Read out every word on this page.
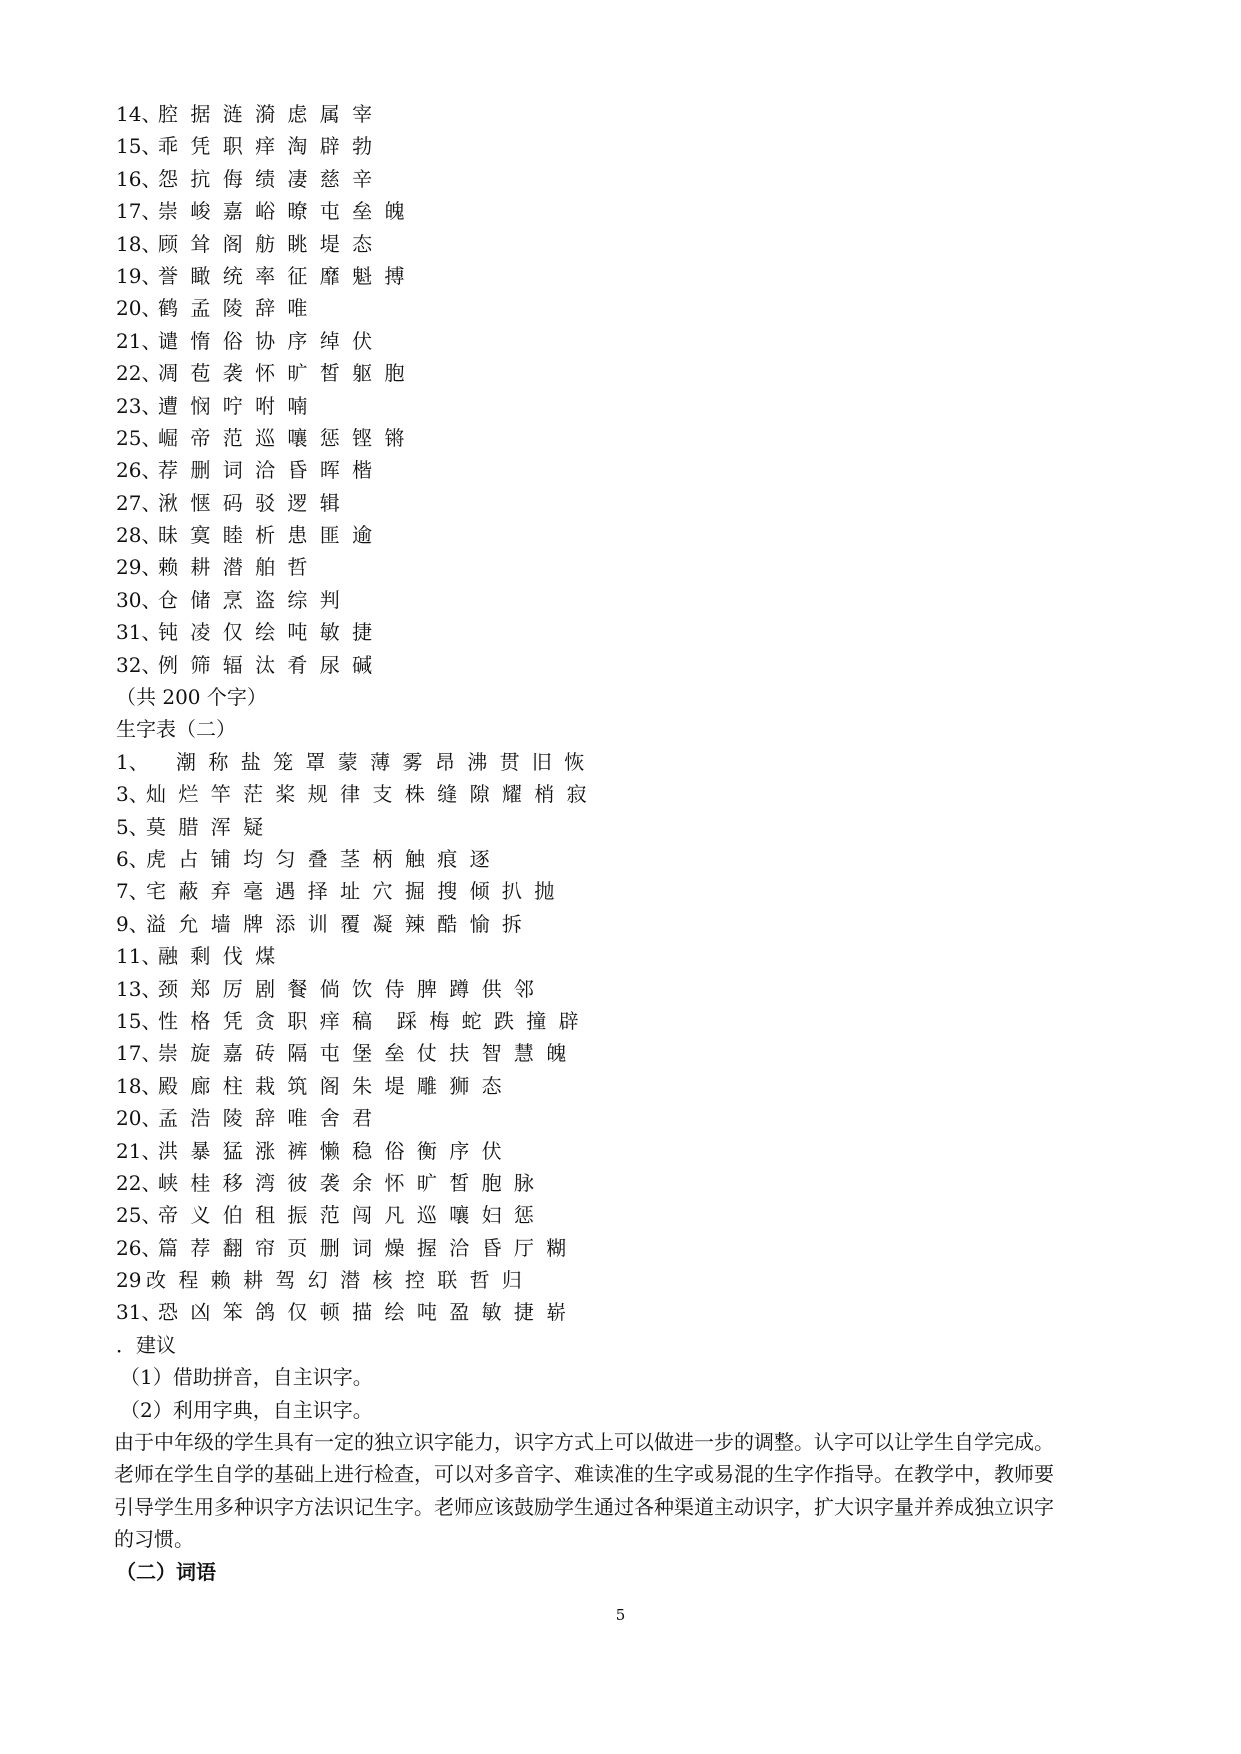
14、
腔 据 涟 漪 虑 属 宰
15、
乖 凭 职 痒 淘 辟 勃
16、
怨 抗 侮 绩 凄 慈 辛
17、
崇 峻 嘉 峪 暸 屯 垒 魄
18、
顾 耸 阁 舫 眺 堤 态
19、
誉 瞰 统 率 征 靡 魁 搏
20、
鹤 孟 陵 辞 唯
21、
谴 惰 俗 协 序 绰 伏
22、
凋 苞 袭 怀 旷 皙 躯 胞
23、
遭 悯 咛 咐 喃
25、
崛 帝 范 巡 嚷 惩 铿 锵
26、
荐 删 词 洽 昏 晖 楷
27、
湫 惬 码 驳 逻 辑
28、
昧 寞 睦 析 患 匪 逾
29、
赖 耕 潜 舶 哲
30、
仓 储 烹 盗 综 判
31、
钝 凌 仅 绘 吨 敏 捷
32、
例 筛 辐 汰 肴 尿 碱
（共 200 个字）
生字表（二）
1、 潮 称 盐 笼 罩 蒙 薄 雾 昂 沸 贯 旧 恢
3、
灿 烂 竿 茫 桨 规 律 支 株 缝 隙 耀 梢 寂
5、
莫 腊 浑 疑
6、
虎 占 铺 均 匀 叠 茎 柄 触 痕 逐
7、
宅 蔽 弃 毫 遇 择 址 穴 掘 搜 倾 扒 抛
9、
溢 允 墙 牌 添 训 覆 凝 辣 酷 愉 拆
11、
融 剩 伐 煤
13、
颈 郑 厉 剧 餐 倘 饮 侍 脾 蹲 供 邻
15、
性 格 凭 贪 职 痒 稿  踩 梅 蛇 跌 撞 辟
17、
崇 旋 嘉 砖 隔 屯 堡 垒 仗 扶 智 慧 魄
18、
殿 廊 柱 栽 筑 阁 朱 堤 雕 狮 态
20、
孟 浩 陵 辞 唯 舍 君
21、
洪 暴 猛 涨 裤 懒 稳 俗 衡 序 伏
22、
峡 桂 移 湾 彼 袭 余 怀 旷 皙 胞 脉
25、
帝 义 伯 租 振 范 闯 凡 巡 嚷 妇 惩
26、
篇 荐 翻 帘 页 删 词 燥 握 洽 昏 厅 糊
29 改 程 赖 耕 驾 幻 潜 核 控 联 哲 归
31、
恐 凶 笨 鸽 仅 顿 描 绘 吨 盈 敏 捷 崭
．建议
（1）借助拼音，自主识字。
（2）利用字典，自主识字。
由于中年级的学生具有一定的独立识字能力，识字方式上可以做进一步的调整。认字可以让学生自学完成。
老师在学生自学的基础上进行检查，可以对多音字、难读准的生字或易混的生字作指导。在教学中，教师要
引导学生用多种识字方法识记生字。老师应该鼓励学生通过各种渠道主动识字，扩大识字量并养成独立识字
的习惯。
（二）词语
5
